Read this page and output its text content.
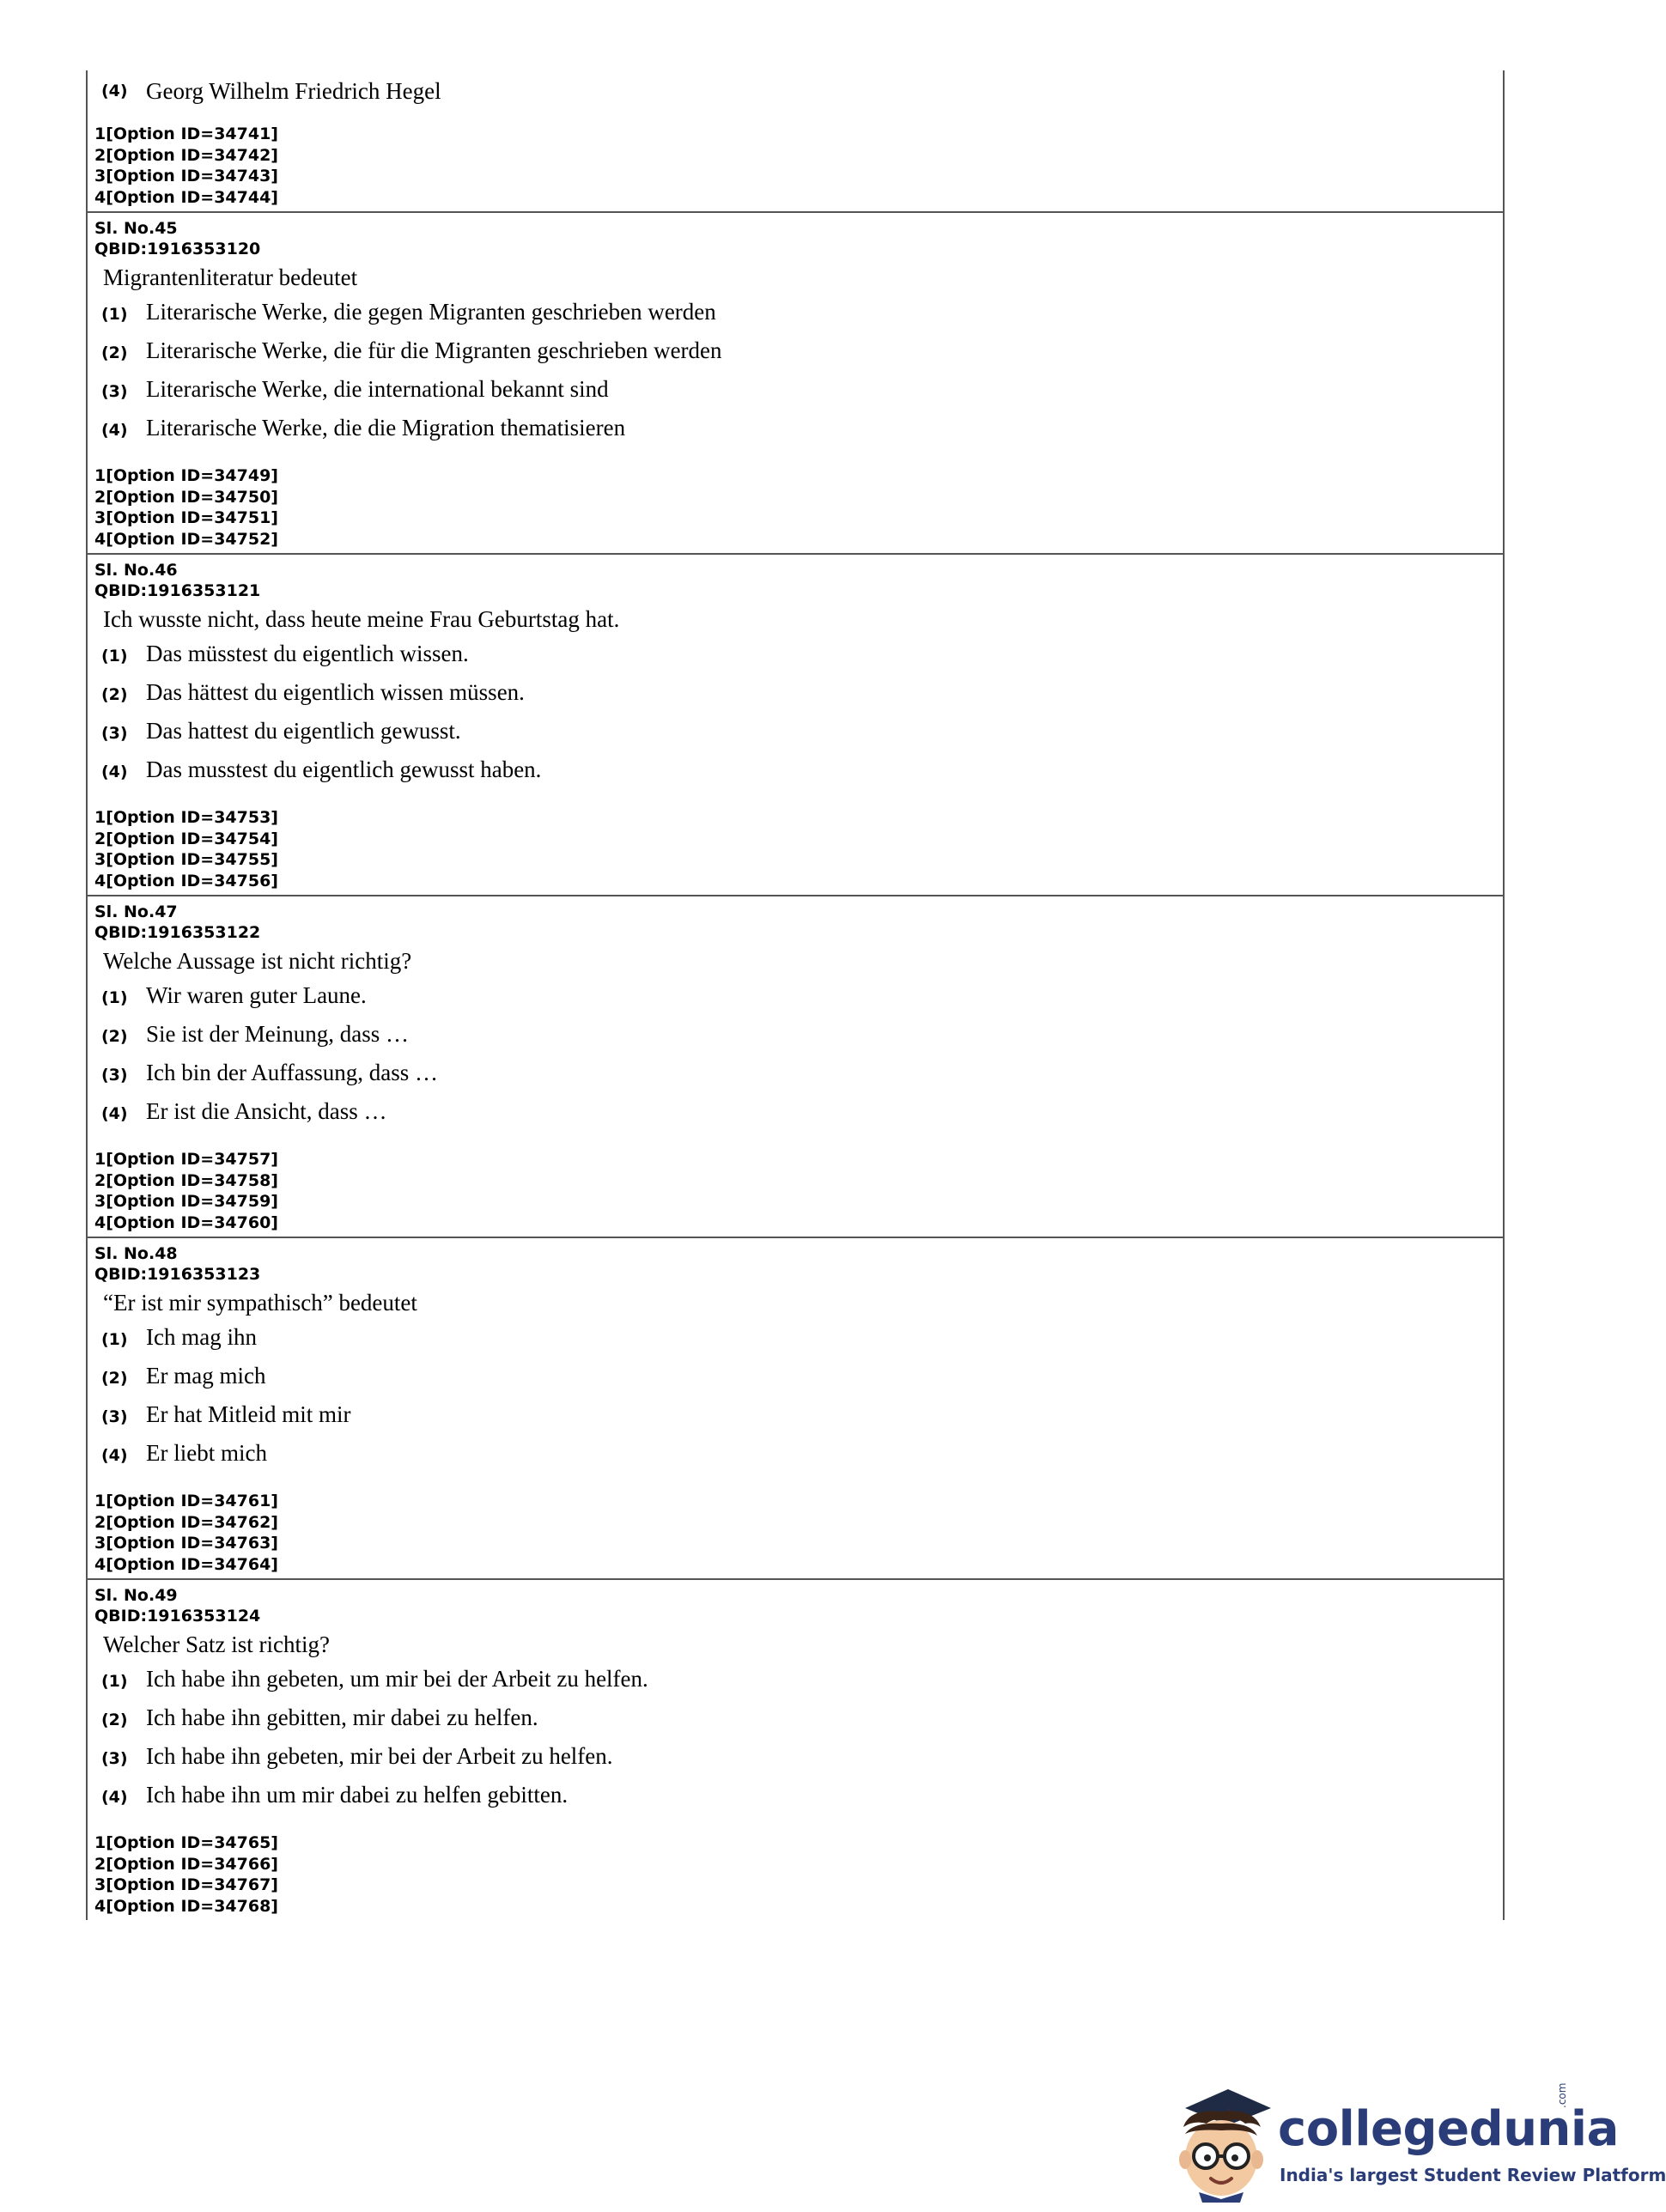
(4) Georg Wilhelm Friedrich Hegel
1[Option ID=34741]
2[Option ID=34742]
3[Option ID=34743]
4[Option ID=34744]
Sl. No.45
QBID:1916353120
Migrantenliteratur bedeutet
(1) Literarische Werke, die gegen Migranten geschrieben werden
(2) Literarische Werke, die für die Migranten geschrieben werden
(3) Literarische Werke, die international bekannt sind
(4) Literarische Werke, die die Migration thematisieren
1[Option ID=34749]
2[Option ID=34750]
3[Option ID=34751]
4[Option ID=34752]
Sl. No.46
QBID:1916353121
Ich wusste nicht, dass heute meine Frau Geburtstag hat.
(1) Das müsstest du eigentlich wissen.
(2) Das hättest du eigentlich wissen müssen.
(3) Das hattest du eigentlich gewusst.
(4) Das musstest du eigentlich gewusst haben.
1[Option ID=34753]
2[Option ID=34754]
3[Option ID=34755]
4[Option ID=34756]
Sl. No.47
QBID:1916353122
Welche Aussage ist nicht richtig?
(1) Wir waren guter Laune.
(2) Sie ist der Meinung, dass …
(3) Ich bin der Auffassung, dass …
(4) Er ist die Ansicht, dass …
1[Option ID=34757]
2[Option ID=34758]
3[Option ID=34759]
4[Option ID=34760]
Sl. No.48
QBID:1916353123
“Er ist mir sympathisch” bedeutet
(1) Ich mag ihn
(2) Er mag mich
(3) Er hat Mitleid mit mir
(4) Er liebt mich
1[Option ID=34761]
2[Option ID=34762]
3[Option ID=34763]
4[Option ID=34764]
Sl. No.49
QBID:1916353124
Welcher Satz ist richtig?
(1) Ich habe ihn gebeten, um mir bei der Arbeit zu helfen.
(2) Ich habe ihn gebitten, mir dabei zu helfen.
(3) Ich habe ihn gebeten, mir bei der Arbeit zu helfen.
(4) Ich habe ihn um mir dabei zu helfen gebitten.
1[Option ID=34765]
2[Option ID=34766]
3[Option ID=34767]
4[Option ID=34768]
collegedunia
.com
India's largest Student Review Platform
